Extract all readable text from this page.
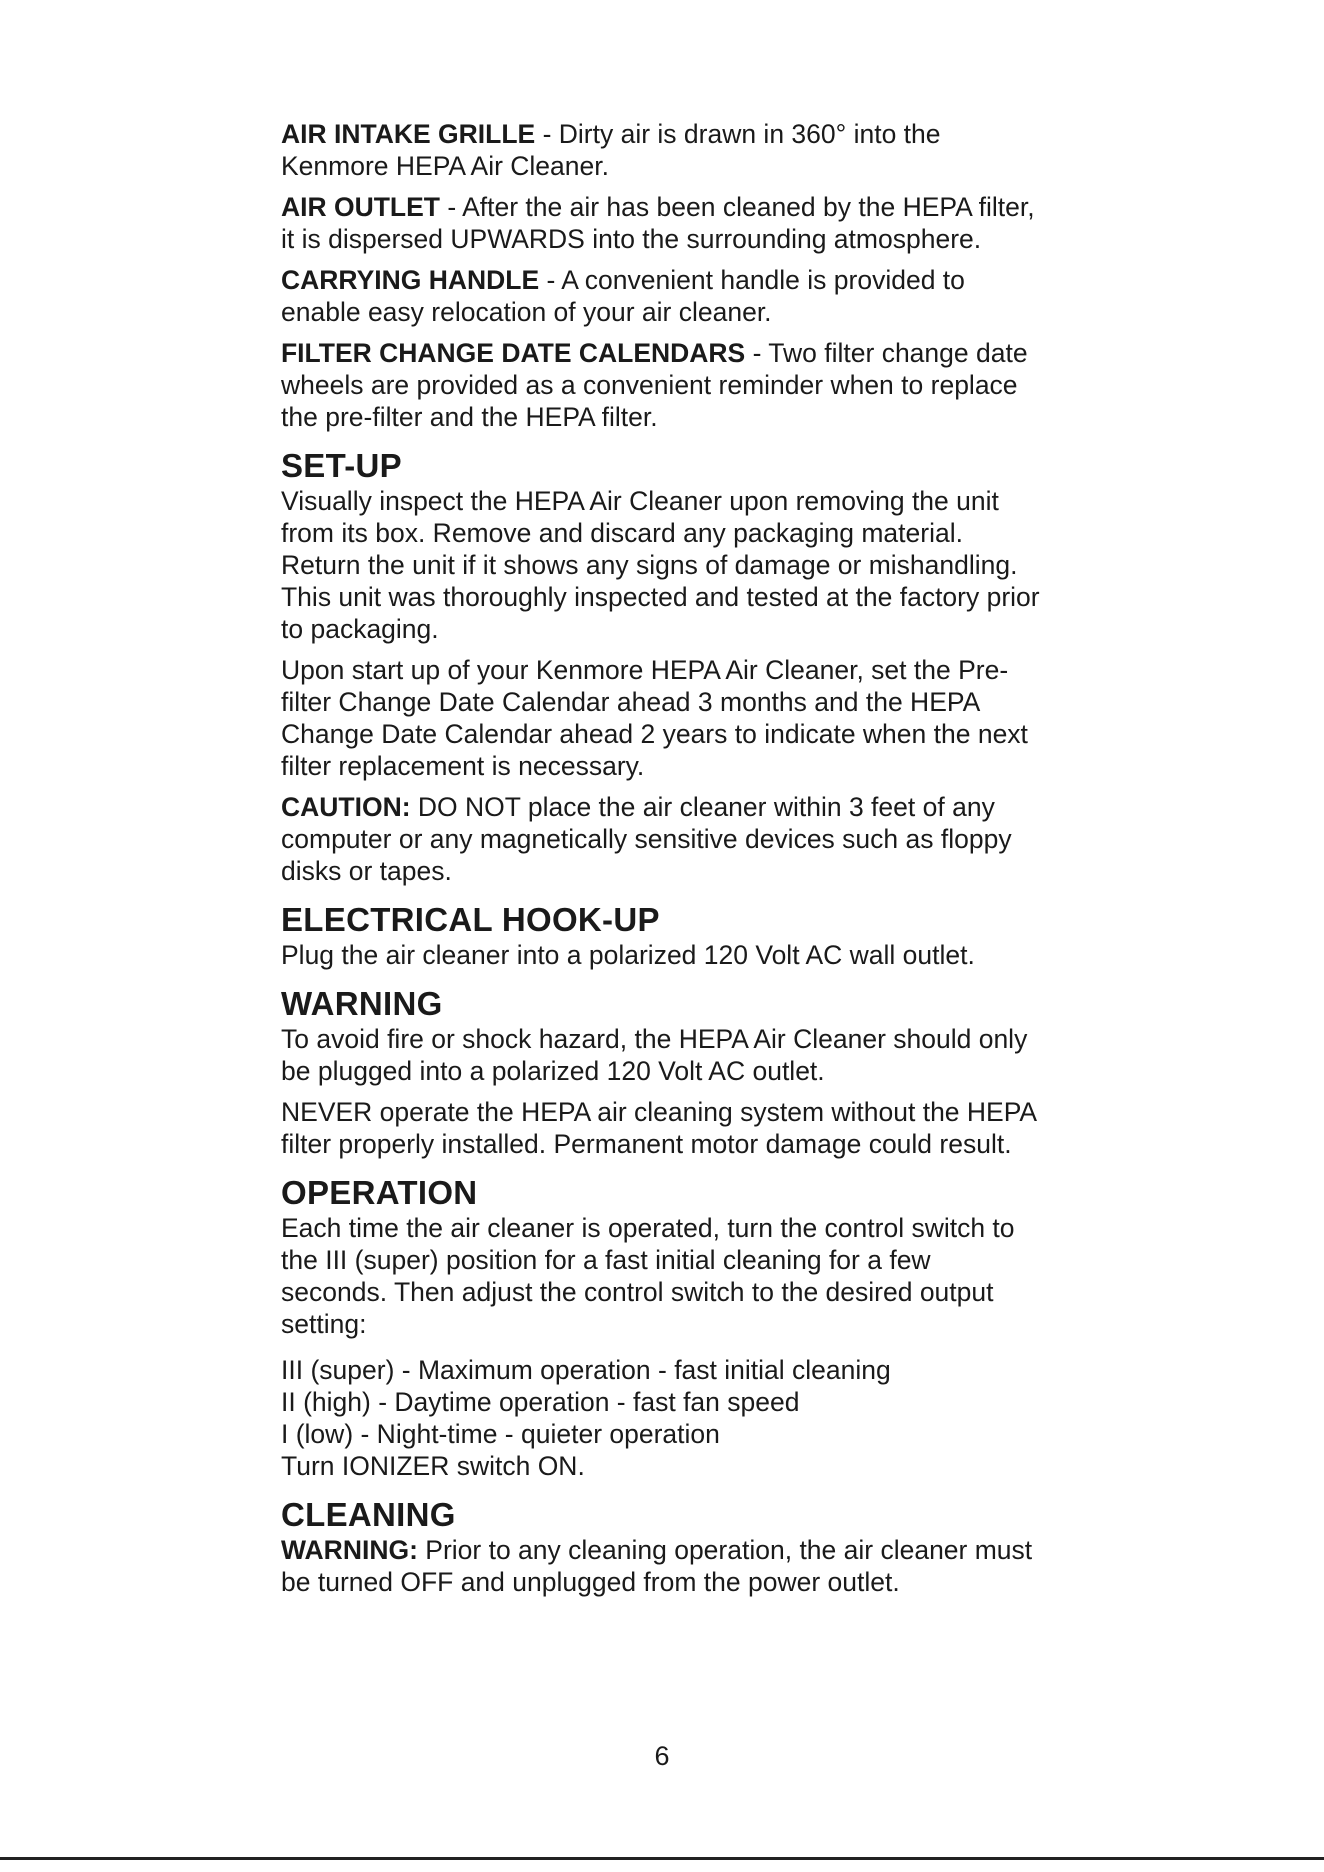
AIR INTAKE GRILLE - Dirty air is drawn in 360° into the Kenmore HEPA Air Cleaner.

AIR OUTLET - After the air has been cleaned by the HEPA filter, it is dispersed UPWARDS into the surrounding atmosphere.

CARRYING HANDLE - A convenient handle is provided to enable easy relocation of your air cleaner.

FILTER CHANGE DATE CALENDARS - Two filter change date wheels are provided as a convenient reminder when to replace the pre-filter and the HEPA filter.

SET-UP

Visually inspect the HEPA Air Cleaner upon removing the unit from its box. Remove and discard any packaging material. Return the unit if it shows any signs of damage or mishandling. This unit was thoroughly inspected and tested at the factory prior to packaging.

Upon start up of your Kenmore HEPA Air Cleaner, set the Pre-filter Change Date Calendar ahead 3 months and the HEPA Change Date Calendar ahead 2 years to indicate when the next filter replacement is necessary.

CAUTION: DO NOT place the air cleaner within 3 feet of any computer or any magnetically sensitive devices such as floppy disks or tapes.

ELECTRICAL HOOK-UP

Plug the air cleaner into a polarized 120 Volt AC wall outlet.

WARNING

To avoid fire or shock hazard, the HEPA Air Cleaner should only be plugged into a polarized 120 Volt AC outlet.

NEVER operate the HEPA air cleaning system without the HEPA filter properly installed. Permanent motor damage could result.

OPERATION

Each time the air cleaner is operated, turn the control switch to the III (super) position for a fast initial cleaning for a few seconds. Then adjust the control switch to the desired output setting:

III (super) - Maximum operation - fast initial cleaning

II (high) - Daytime operation - fast fan speed

I (low) - Night-time - quieter operation

Turn IONIZER switch ON.

CLEANING

WARNING: Prior to any cleaning operation, the air cleaner must be turned OFF and unplugged from the power outlet.

6
